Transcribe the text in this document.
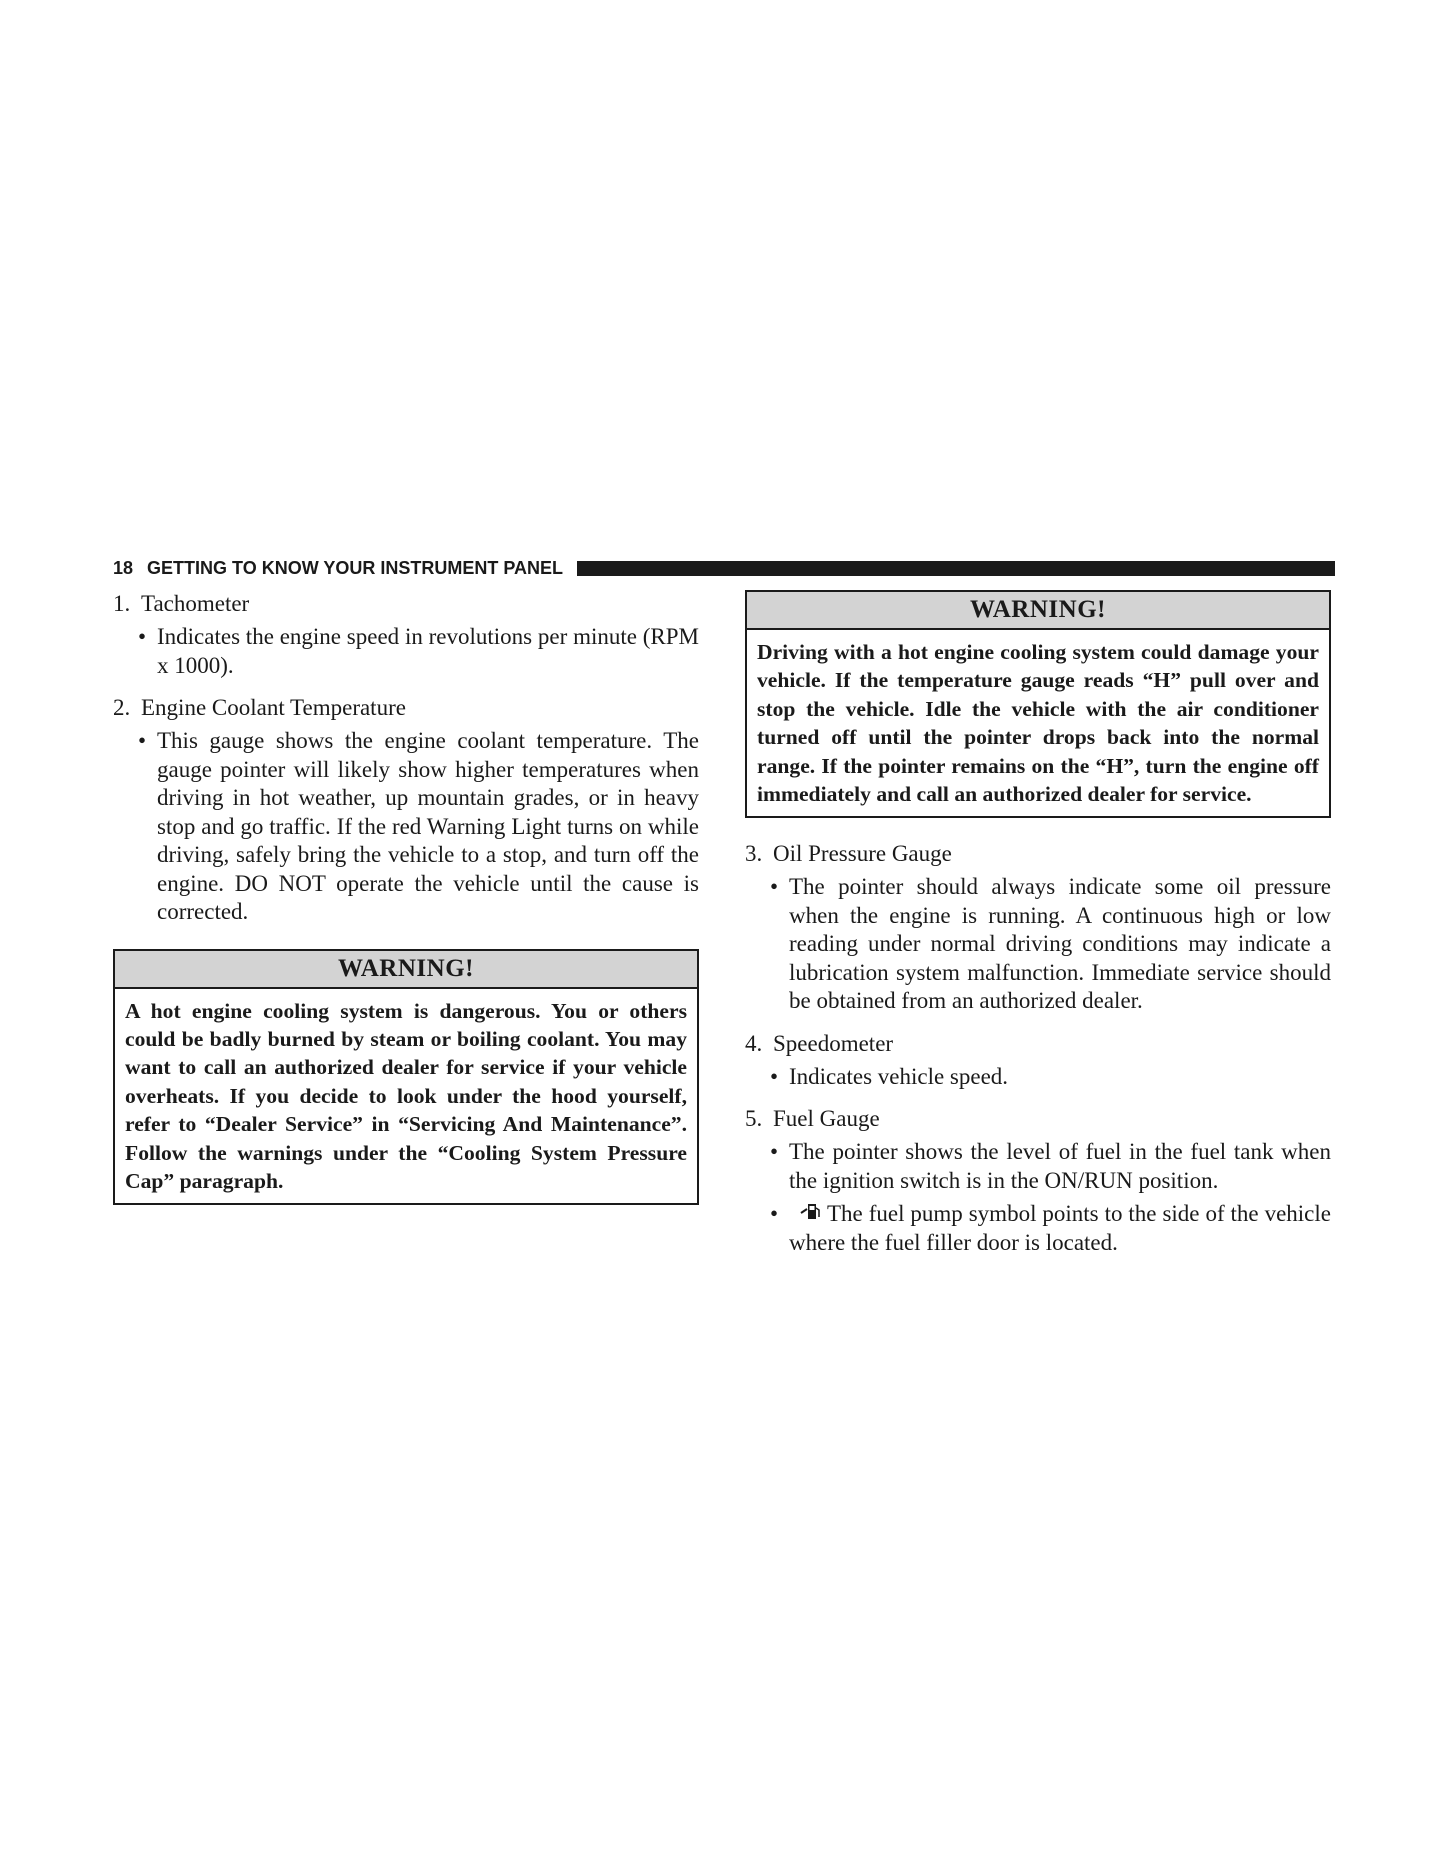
18 GETTING TO KNOW YOUR INSTRUMENT PANEL

1. Tachometer

• Indicates the engine speed in revolutions per minute (RPM x 1000).

2. Engine Coolant Temperature

• This gauge shows the engine coolant temperature. The gauge pointer will likely show higher temperatures when driving in hot weather, up mountain grades, or in heavy stop and go traffic. If the red Warning Light turns on while driving, safely bring the vehicle to a stop, and turn off the engine. DO NOT operate the vehicle until the cause is corrected.

WARNING!
A hot engine cooling system is dangerous. You or others could be badly burned by steam or boiling coolant. You may want to call an authorized dealer for service if your vehicle overheats. If you decide to look under the hood yourself, refer to “Dealer Service” in “Servicing And Maintenance”. Follow the warnings under the “Cooling System Pressure Cap” paragraph.
WARNING!
Driving with a hot engine cooling system could damage your vehicle. If the temperature gauge reads “H” pull over and stop the vehicle. Idle the vehicle with the air conditioner turned off until the pointer drops back into the normal range. If the pointer remains on the “H”, turn the engine off immediately and call an authorized dealer for service.

3. Oil Pressure Gauge

• The pointer should always indicate some oil pressure when the engine is running. A continuous high or low reading under normal driving conditions may indicate a lubrication system malfunction. Immediate service should be obtained from an authorized dealer.

4. Speedometer

• Indicates vehicle speed.

5. Fuel Gauge

• The pointer shows the level of fuel in the fuel tank when the ignition switch is in the ON/RUN position.

• The fuel pump symbol points to the side of the vehicle where the fuel filler door is located.
